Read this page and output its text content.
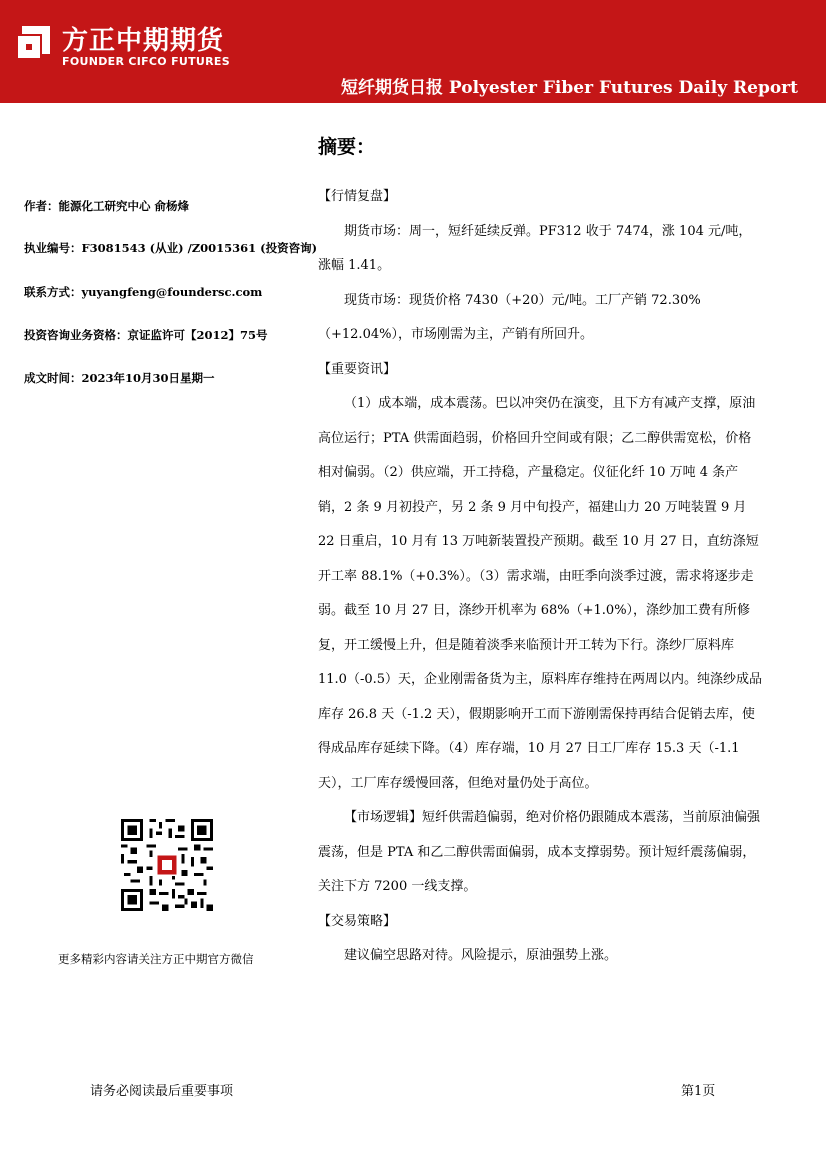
方正中期期货
FOUNDER CIFCO FUTURES
短纤期货日报 Polyester Fiber Futures Daily Report
摘要：
作者：能源化工研究中心 俞杨烽
执业编号：F3081543 (从业) /Z0015361 (投资咨询)
联系方式：yuyangfeng@foundersc.com
投资咨询业务资格：京证监许可【2012】75号
成文时间：2023年10月30日星期一
更多精彩内容请关注方正中期官方微信

【行情复盘】

期货市场：周一，短纤延续反弹。PF312 收于 7474，涨 104 元/吨，涨幅 1.41。

现货市场：现货价格 7430（+20）元/吨。工厂产销 72.30%（+12.04%），市场刚需为主，产销有所回升。

【重要资讯】

（1）成本端，成本震荡。巴以冲突仍在演变，且下方有减产支撑，原油高位运行；PTA 供需面趋弱，价格回升空间或有限；乙二醇供需宽松，价格相对偏弱。（2）供应端，开工持稳，产量稳定。仪征化纤 10 万吨 4 条产销，2 条 9 月初投产，另 2 条 9 月中旬投产，福建山力 20 万吨装置 9 月 22 日重启，10 月有 13 万吨新装置投产预期。截至 10 月 27 日，直纺涤短开工率 88.1%（+0.3%）。（3）需求端，由旺季向淡季过渡，需求将逐步走弱。截至 10 月 27 日，涤纱开机率为 68%（+1.0%），涤纱加工费有所修复，开工缓慢上升，但是随着淡季来临预计开工转为下行。涤纱厂原料库 11.0（-0.5）天，企业刚需备货为主，原料库存维持在两周以内。纯涤纱成品库存 26.8 天（-1.2 天），假期影响开工而下游刚需保持再结合促销去库，使得成品库存延续下降。（4）库存端，10 月 27 日工厂库存 15.3 天（-1.1 天），工厂库存缓慢回落，但绝对量仍处于高位。

【市场逻辑】短纤供需趋偏弱，绝对价格仍跟随成本震荡，当前原油偏强震荡，但是 PTA 和乙二醇供需面偏弱，成本支撑弱势。预计短纤震荡偏弱，关注下方 7200 一线支撑。

【交易策略】

建议偏空思路对待。风险提示，原油强势上涨。

请务必阅读最后重要事项	第1页
